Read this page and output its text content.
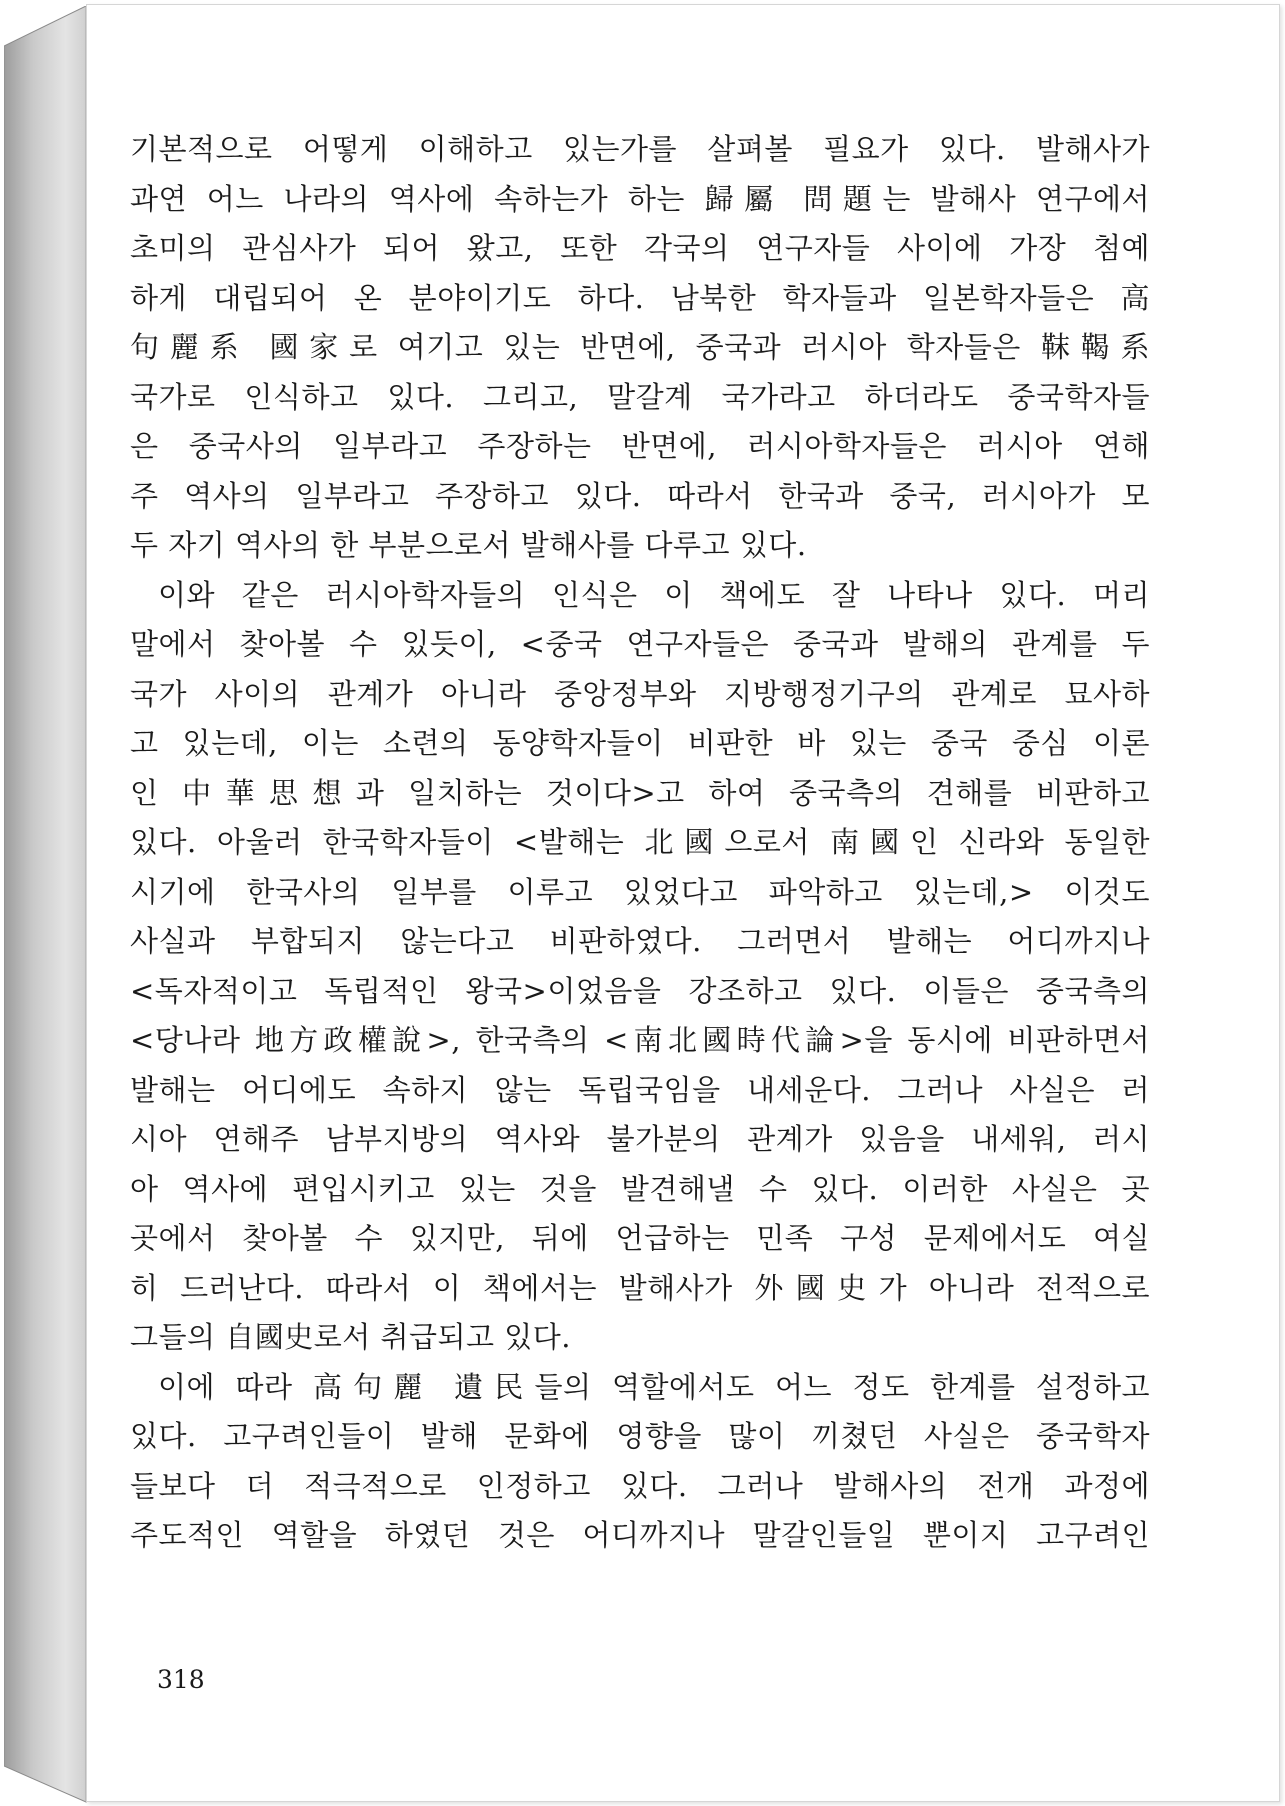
기본적으로 어떻게 이해하고 있는가를 살펴볼 필요가 있다. 발해사가
과연 어느 나라의 역사에 속하는가 하는 歸屬 問題는 발해사 연구에서
초미의 관심사가 되어 왔고, 또한 각국의 연구자들 사이에 가장 첨예
하게 대립되어 온 분야이기도 하다. 남북한 학자들과 일본학자들은 高
句麗系 國家로 여기고 있는 반면에, 중국과 러시아 학자들은 靺鞨系
국가로 인식하고 있다. 그리고, 말갈계 국가라고 하더라도 중국학자들
은 중국사의 일부라고 주장하는 반면에, 러시아학자들은 러시아 연해
주 역사의 일부라고 주장하고 있다. 따라서 한국과 중국, 러시아가 모
두 자기 역사의 한 부분으로서 발해사를 다루고 있다.
이와 같은 러시아학자들의 인식은 이 책에도 잘 나타나 있다. 머리
말에서 찾아볼 수 있듯이, <중국 연구자들은 중국과 발해의 관계를 두
국가 사이의 관계가 아니라 중앙정부와 지방행정기구의 관계로 묘사하
고 있는데, 이는 소련의 동양학자들이 비판한 바 있는 중국 중심 이론
인 中華思想과 일치하는 것이다>고 하여 중국측의 견해를 비판하고
있다. 아울러 한국학자들이 <발해는 北國으로서 南國인 신라와 동일한
시기에 한국사의 일부를 이루고 있었다고 파악하고 있는데,> 이것도
사실과 부합되지 않는다고 비판하였다. 그러면서 발해는 어디까지나
<독자적이고 독립적인 왕국>이었음을 강조하고 있다. 이들은 중국측의
<당나라 地方政權說>, 한국측의 <南北國時代論>을 동시에 비판하면서
발해는 어디에도 속하지 않는 독립국임을 내세운다. 그러나 사실은 러
시아 연해주 남부지방의 역사와 불가분의 관계가 있음을 내세워, 러시
아 역사에 편입시키고 있는 것을 발견해낼 수 있다. 이러한 사실은 곳
곳에서 찾아볼 수 있지만, 뒤에 언급하는 민족 구성 문제에서도 여실
히 드러난다. 따라서 이 책에서는 발해사가 外國史가 아니라 전적으로
그들의 自國史로서 취급되고 있다.
이에 따라 高句麗 遺民들의 역할에서도 어느 정도 한계를 설정하고
있다. 고구려인들이 발해 문화에 영향을 많이 끼쳤던 사실은 중국학자
들보다 더 적극적으로 인정하고 있다. 그러나 발해사의 전개 과정에
주도적인 역할을 하였던 것은 어디까지나 말갈인들일 뿐이지 고구려인
318
